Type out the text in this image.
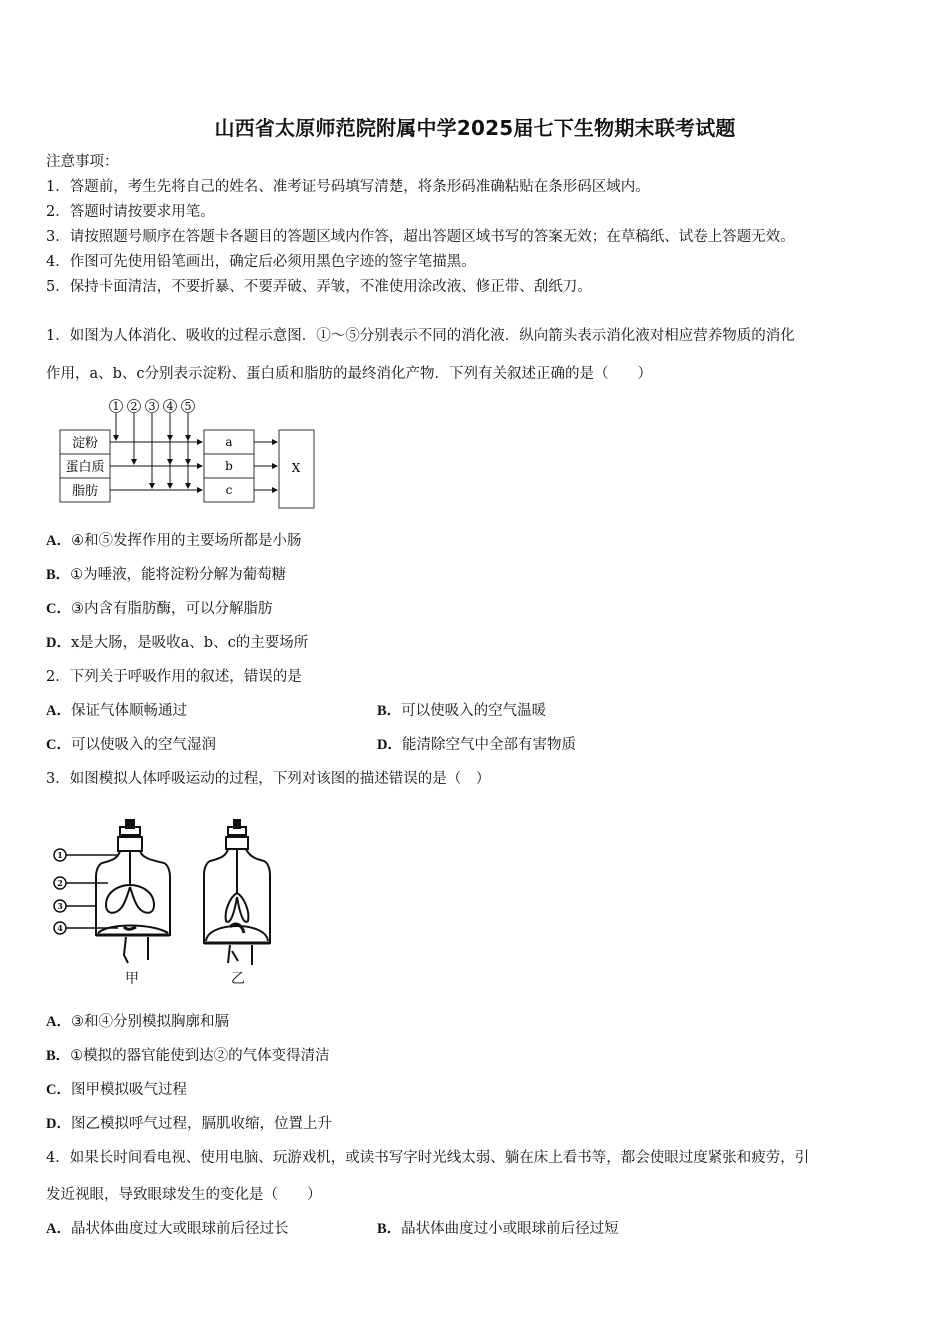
山西省太原师范院附属中学2025届七下生物期末联考试题
注意事项：
1．答题前，考生先将自己的姓名、准考证号码填写清楚，将条形码准确粘贴在条形码区域内。
2．答题时请按要求用笔。
3．请按照题号顺序在答题卡各题目的答题区域内作答，超出答题区域书写的答案无效；在草稿纸、试卷上答题无效。
4．作图可先使用铅笔画出，确定后必须用黑色字迹的签字笔描黑。
5．保持卡面清洁，不要折暴、不要弄破、弄皱，不准使用涂改液、修正带、刮纸刀。
1．如图为人体消化、吸收的过程示意图．①～⑤分别表示不同的消化液．纵向箭头表示消化液对相应营养物质的消化
作用，a、b、c分别表示淀粉、蛋白质和脂肪的最终消化产物．下列有关叙述正确的是（　　）
1 2 3 4 5
淀粉
蛋白质
脂肪
a
b
c
X
A．④和⑤发挥作用的主要场所都是小肠
B．①为唾液，能将淀粉分解为葡萄糖
C．③内含有脂肪酶，可以分解脂肪
D．x是大肠，是吸收a、b、c的主要场所
2．下列关于呼吸作用的叙述，错误的是
A．保证气体顺畅通过	B．可以使吸入的空气温暖
C．可以使吸入的空气湿润	D．能清除空气中全部有害物质
3．如图模拟人体呼吸运动的过程，下列对该图的描述错误的是（　）
1
2
3
4
甲	乙
A．③和④分别模拟胸廓和膈
B．①模拟的器官能使到达②的气体变得清洁
C．图甲模拟吸气过程
D．图乙模拟呼气过程，膈肌收缩，位置上升
4．如果长时间看电视、使用电脑、玩游戏机，或读书写字时光线太弱、躺在床上看书等，都会使眼过度紧张和疲劳，引
发近视眼，导致眼球发生的变化是（　　）
A．晶状体曲度过大或眼球前后径过长	B．晶状体曲度过小或眼球前后径过短
